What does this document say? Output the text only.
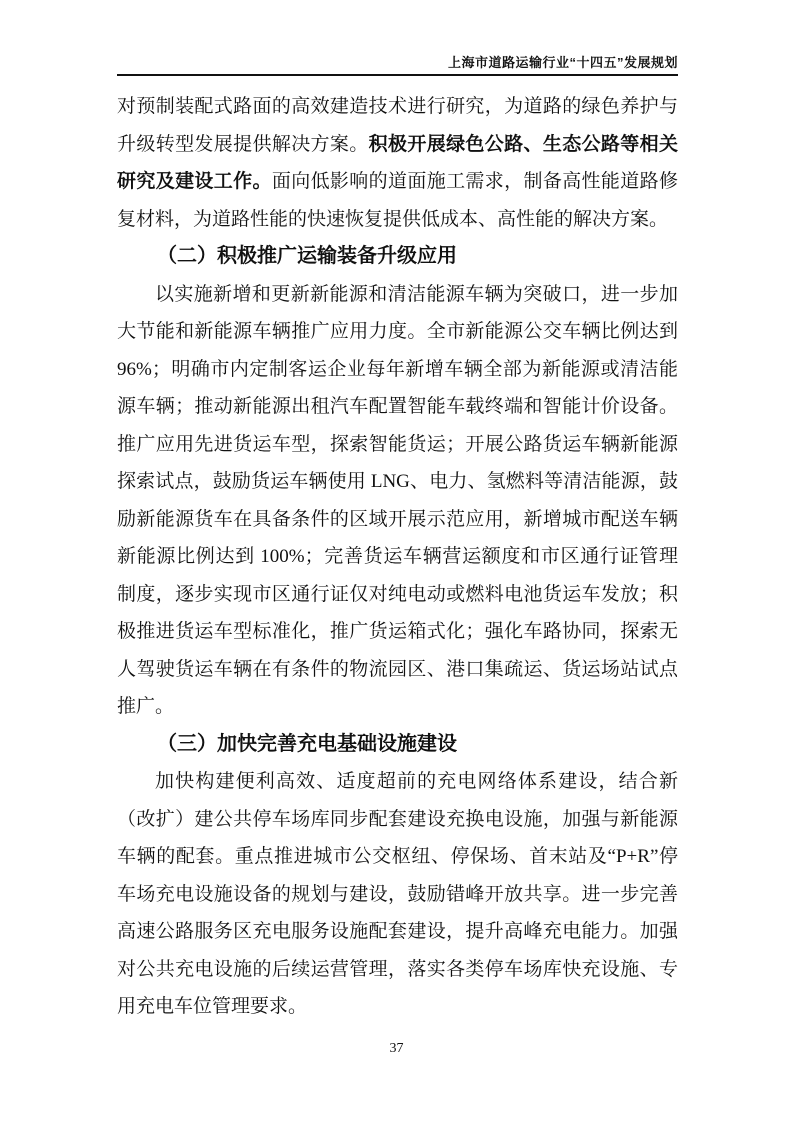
上海市道路运输行业“十四五”发展规划
对预制装配式路面的高效建造技术进行研究，为道路的绿色养护与升级转型发展提供解决方案。积极开展绿色公路、生态公路等相关研究及建设工作。面向低影响的道面施工需求，制备高性能道路修复材料，为道路性能的快速恢复提供低成本、高性能的解决方案。
（二）积极推广运输装备升级应用
以实施新增和更新新能源和清洁能源车辆为突破口，进一步加大节能和新能源车辆推广应用力度。全市新能源公交车辆比例达到96%；明确市内定制客运企业每年新增车辆全部为新能源或清洁能源车辆；推动新能源出租汽车配置智能车载终端和智能计价设备。推广应用先进货运车型，探索智能货运；开展公路货运车辆新能源探索试点，鼓励货运车辆使用 LNG、电力、氢燃料等清洁能源，鼓励新能源货车在具备条件的区域开展示范应用，新增城市配送车辆新能源比例达到 100%；完善货运车辆营运额度和市区通行证管理制度，逐步实现市区通行证仅对纯电动或燃料电池货运车发放；积极推进货运车型标准化，推广货运箱式化；强化车路协同，探索无人驾驶货运车辆在有条件的物流园区、港口集疏运、货运场站试点推广。
（三）加快完善充电基础设施建设
加快构建便利高效、适度超前的充电网络体系建设，结合新（改扩）建公共停车场库同步配套建设充换电设施，加强与新能源车辆的配套。重点推进城市公交枢纽、停保场、首末站及“P+R”停车场充电设施设备的规划与建设，鼓励错峰开放共享。进一步完善高速公路服务区充电服务设施配套建设，提升高峰充电能力。加强对公共充电设施的后续运营管理，落实各类停车场库快充设施、专用充电车位管理要求。
37
